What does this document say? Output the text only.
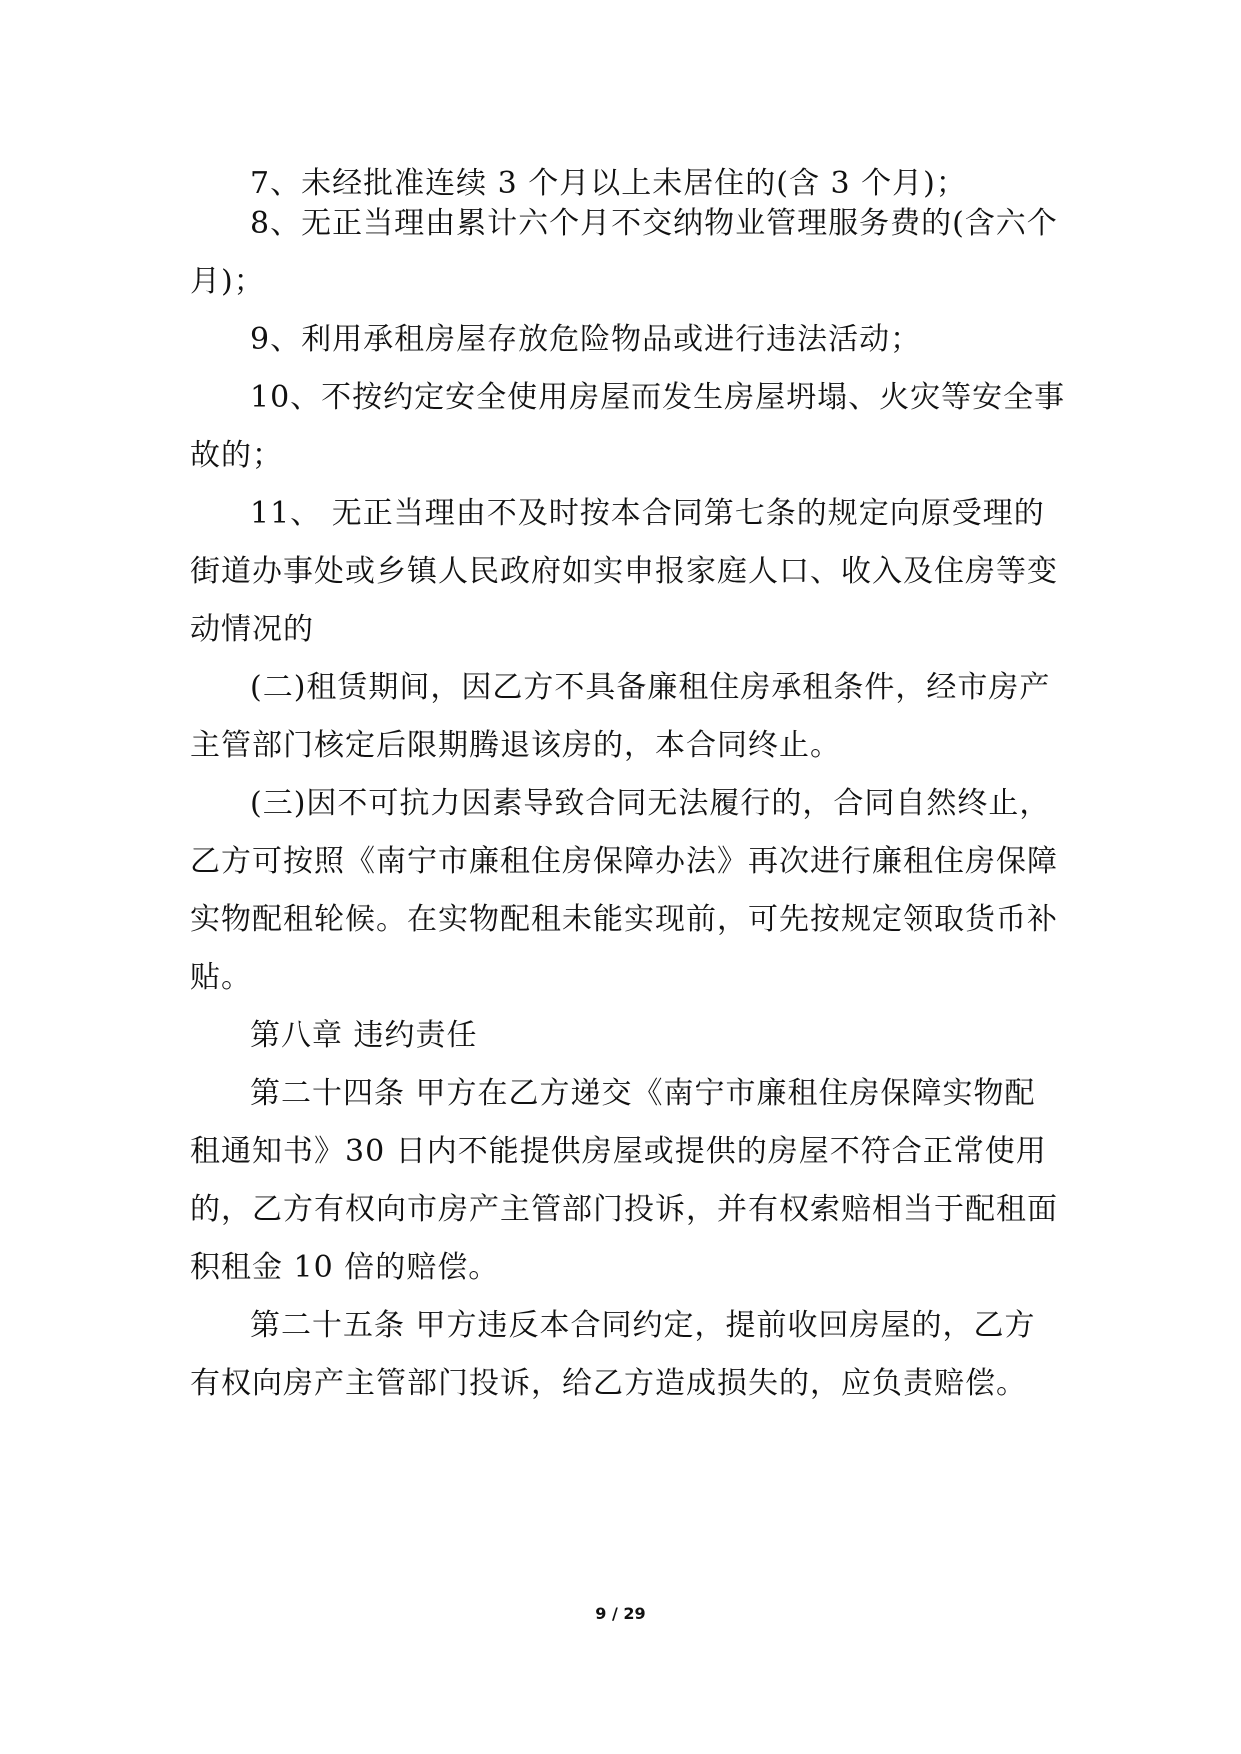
7、未经批准连续 3 个月以上未居住的(含 3 个月)；
8、无正当理由累计六个月不交纳物业管理服务费的(含六个
月)；
9、利用承租房屋存放危险物品或进行违法活动；
10、不按约定安全使用房屋而发生房屋坍塌、火灾等安全事
故的；
11、 无正当理由不及时按本合同第七条的规定向原受理的
街道办事处或乡镇人民政府如实申报家庭人口、收入及住房等变
动情况的
(二)租赁期间，因乙方不具备廉租住房承租条件，经市房产
主管部门核定后限期腾退该房的，本合同终止。
(三)因不可抗力因素导致合同无法履行的，合同自然终止，
乙方可按照《南宁市廉租住房保障办法》再次进行廉租住房保障
实物配租轮候。在实物配租未能实现前，可先按规定领取货币补
贴。
第八章 违约责任
第二十四条 甲方在乙方递交《南宁市廉租住房保障实物配
租通知书》30 日内不能提供房屋或提供的房屋不符合正常使用
的，乙方有权向市房产主管部门投诉，并有权索赔相当于配租面
积租金 10 倍的赔偿。
第二十五条 甲方违反本合同约定，提前收回房屋的，乙方
有权向房产主管部门投诉，给乙方造成损失的，应负责赔偿。
9 / 29
